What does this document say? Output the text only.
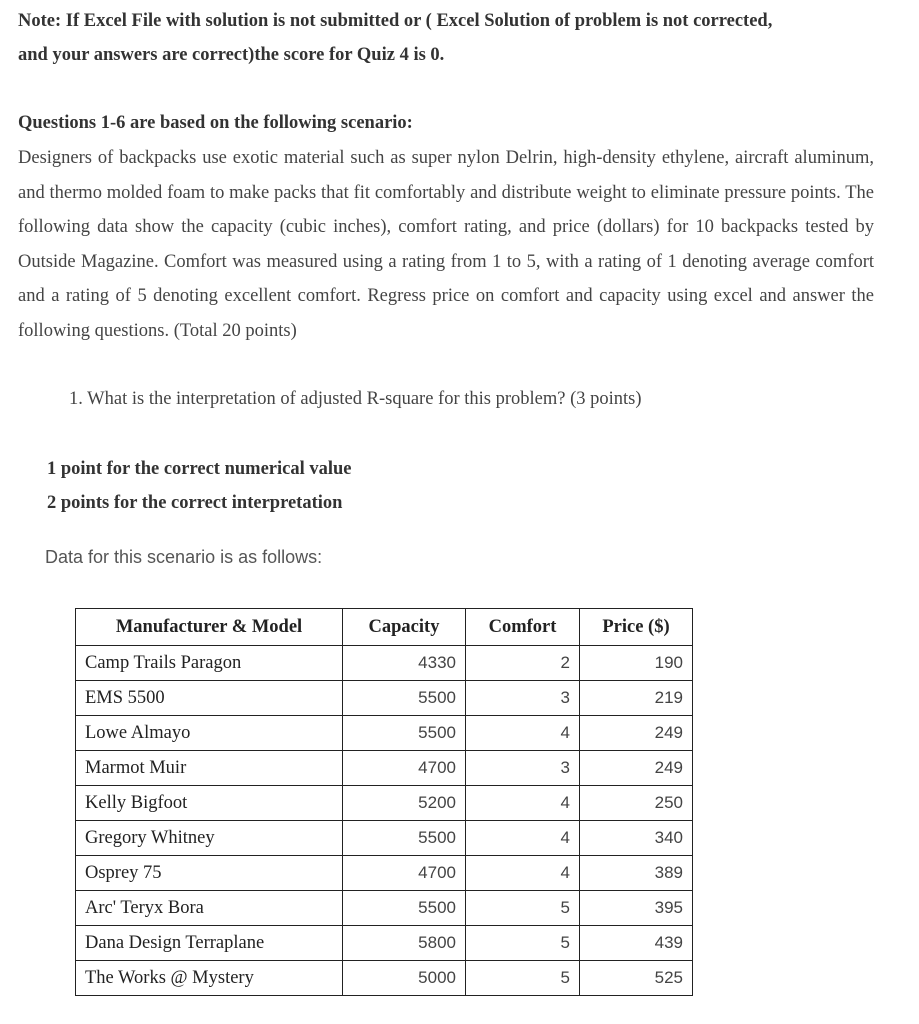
Note: If Excel File with solution is not submitted or ( Excel Solution of problem is not corrected,
and your answers are correct)the score for Quiz 4 is 0.
Questions 1-6 are based on the following scenario:
Designers of backpacks use exotic material such as super nylon Delrin, high-density ethylene, aircraft aluminum, and thermo molded foam to make packs that fit comfortably and distribute weight to eliminate pressure points. The following data show the capacity (cubic inches), comfort rating, and price (dollars) for 10 backpacks tested by Outside Magazine. Comfort was measured using a rating from 1 to 5, with a rating of 1 denoting average comfort and a rating of 5 denoting excellent comfort. Regress price on comfort and capacity using excel and answer the following questions. (Total 20 points)
1. What is the interpretation of adjusted R-square for this problem? (3 points)
1 point for the correct numerical value
2 points for the correct interpretation
Data for this scenario is as follows:
Manufacturer & Model	Capacity	Comfort	Price ($)
Camp Trails Paragon	4330	2	190
EMS 5500	5500	3	219
Lowe Almayo	5500	4	249
Marmot Muir	4700	3	249
Kelly Bigfoot	5200	4	250
Gregory Whitney	5500	4	340
Osprey 75	4700	4	389
Arc' Teryx Bora	5500	5	395
Dana Design Terraplane	5800	5	439
The Works @ Mystery	5000	5	525
